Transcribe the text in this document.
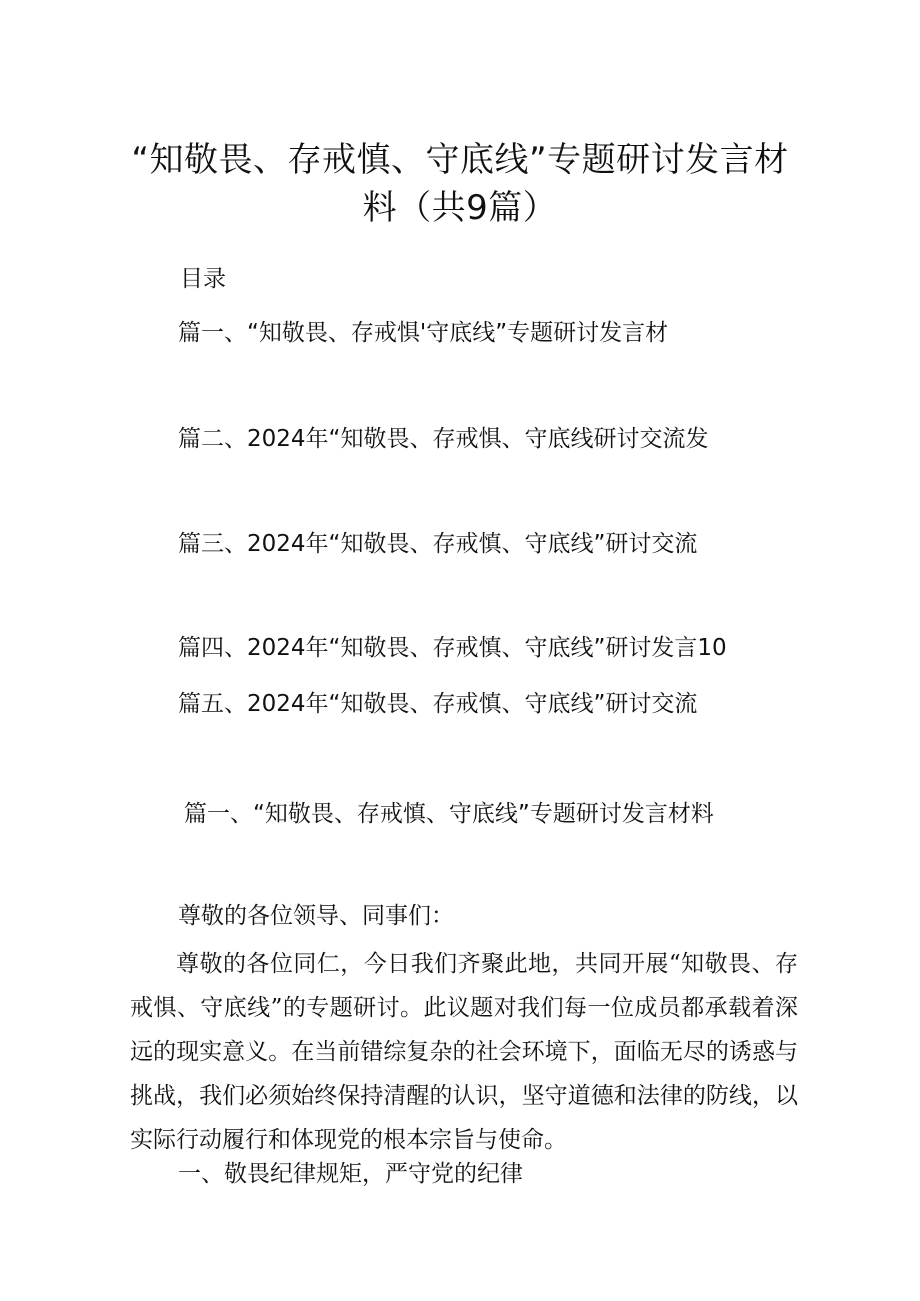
“知敬畏、存戒慎、守底线”专题研讨发言材
料（共9篇）
目录
篇一、“知敬畏、存戒惧'守底线”专题研讨发言材
篇二、2024年“知敬畏、存戒惧、守底线研讨交流发
篇三、2024年“知敬畏、存戒慎、守底线”研讨交流
篇四、2024年“知敬畏、存戒慎、守底线”研讨发言10
篇五、2024年“知敬畏、存戒慎、守底线”研讨交流
篇一、“知敬畏、存戒慎、守底线”专题研讨发言材料
尊敬的各位领导、同事们：
尊敬的各位同仁，今日我们齐聚此地，共同开展“知敬畏、存
戒惧、守底线”的专题研讨。此议题对我们每一位成员都承载着深
远的现实意义。在当前错综复杂的社会环境下，面临无尽的诱惑与
挑战，我们必须始终保持清醒的认识，坚守道德和法律的防线，以
实际行动履行和体现党的根本宗旨与使命。
一、敬畏纪律规矩，严守党的纪律
